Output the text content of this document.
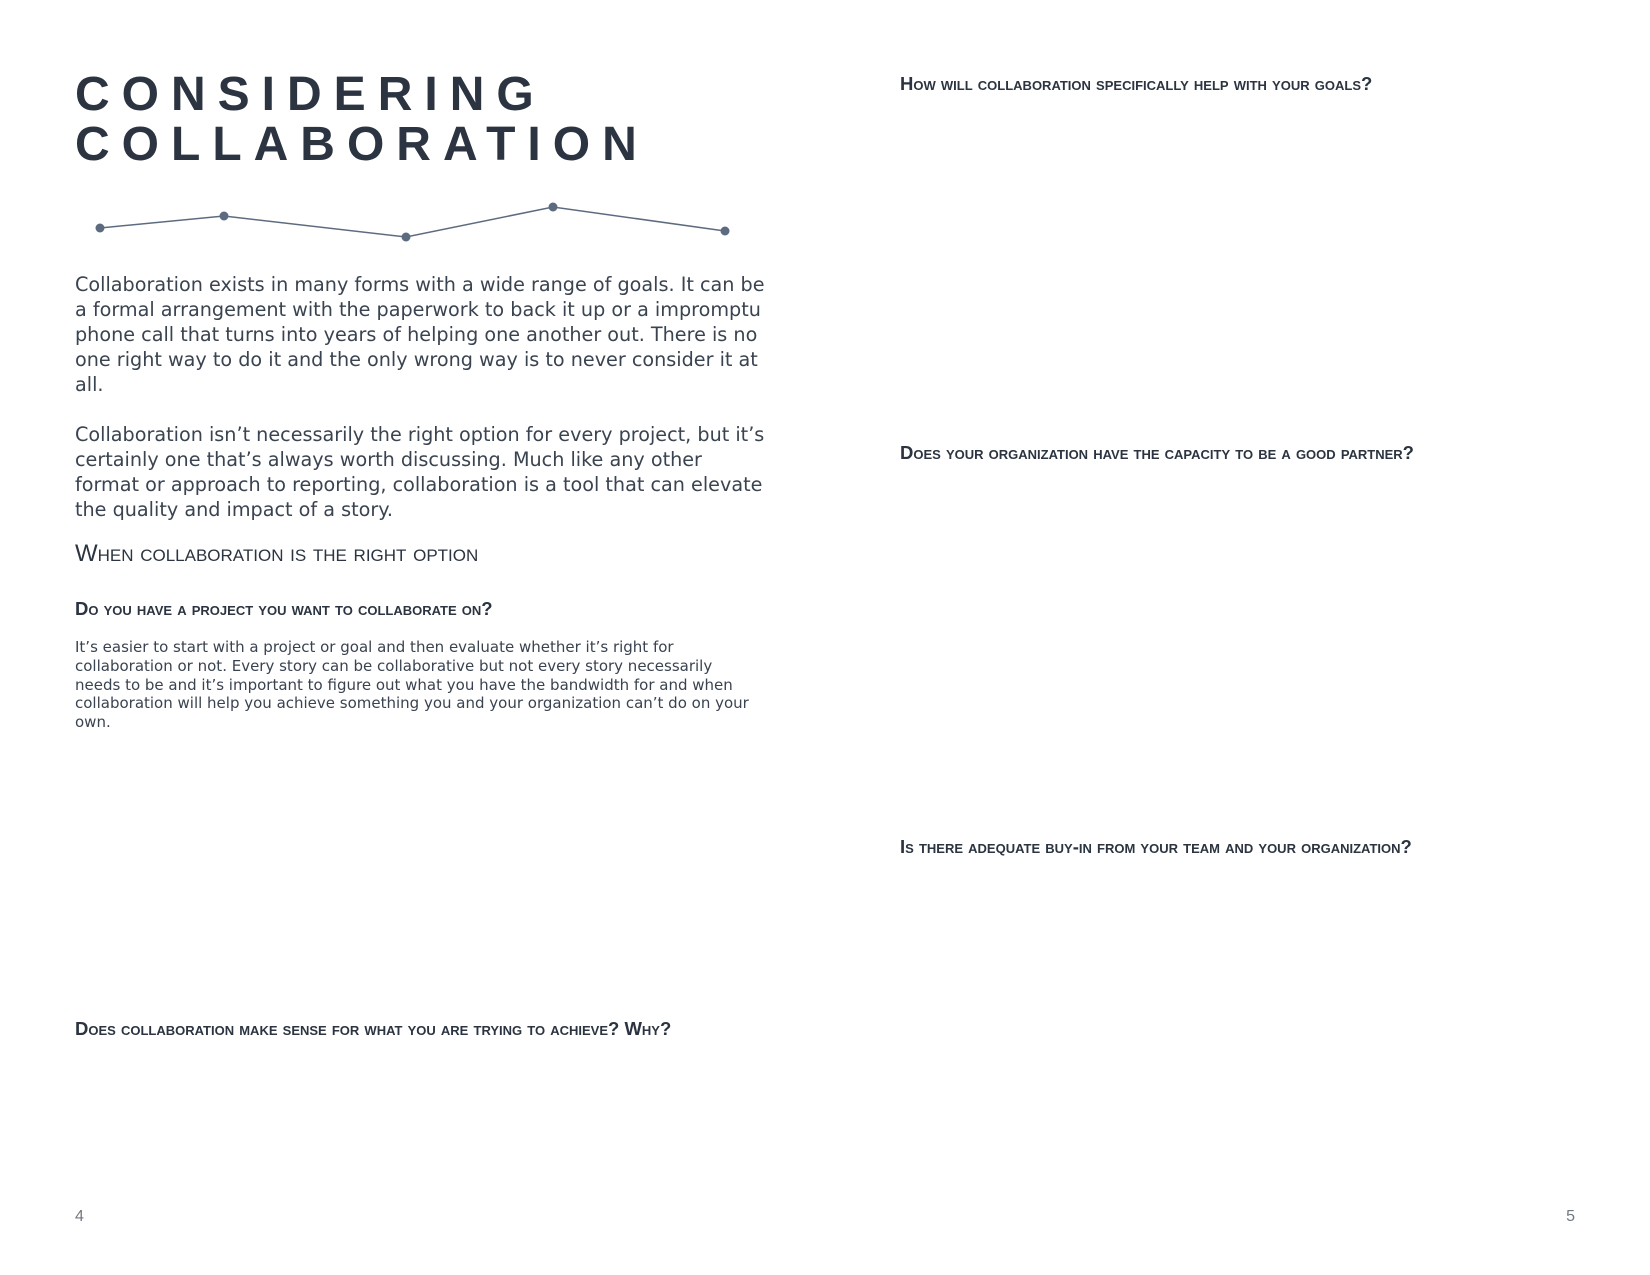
CONSIDERING
COLLABORATION

Collaboration exists in many forms with a wide range of goals. It can be a formal arrangement with the paperwork to back it up or a impromptu phone call that turns into years of helping one another out. There is no one right way to do it and the only wrong way is to never consider it at all.

Collaboration isn’t necessarily the right option for every project, but it’s certainly one that’s always worth discussing. Much like any other format or approach to reporting, collaboration is a tool that can elevate the quality and impact of a story.

When collaboration is the right option
Do you have a project you want to collaborate on?

It’s easier to start with a project or goal and then evaluate whether it’s right for collaboration or not. Every story can be collaborative but not every story necessarily needs to be and it’s important to figure out what you have the bandwidth for and when collaboration will help you achieve something you and your organization can’t do on your own.

Does collaboration make sense for what you are trying to achieve? Why?
4
How will collaboration specifically help with your goals?
Does your organization have the capacity to be a good partner?
Is there adequate buy-in from your team and your organization?
5
